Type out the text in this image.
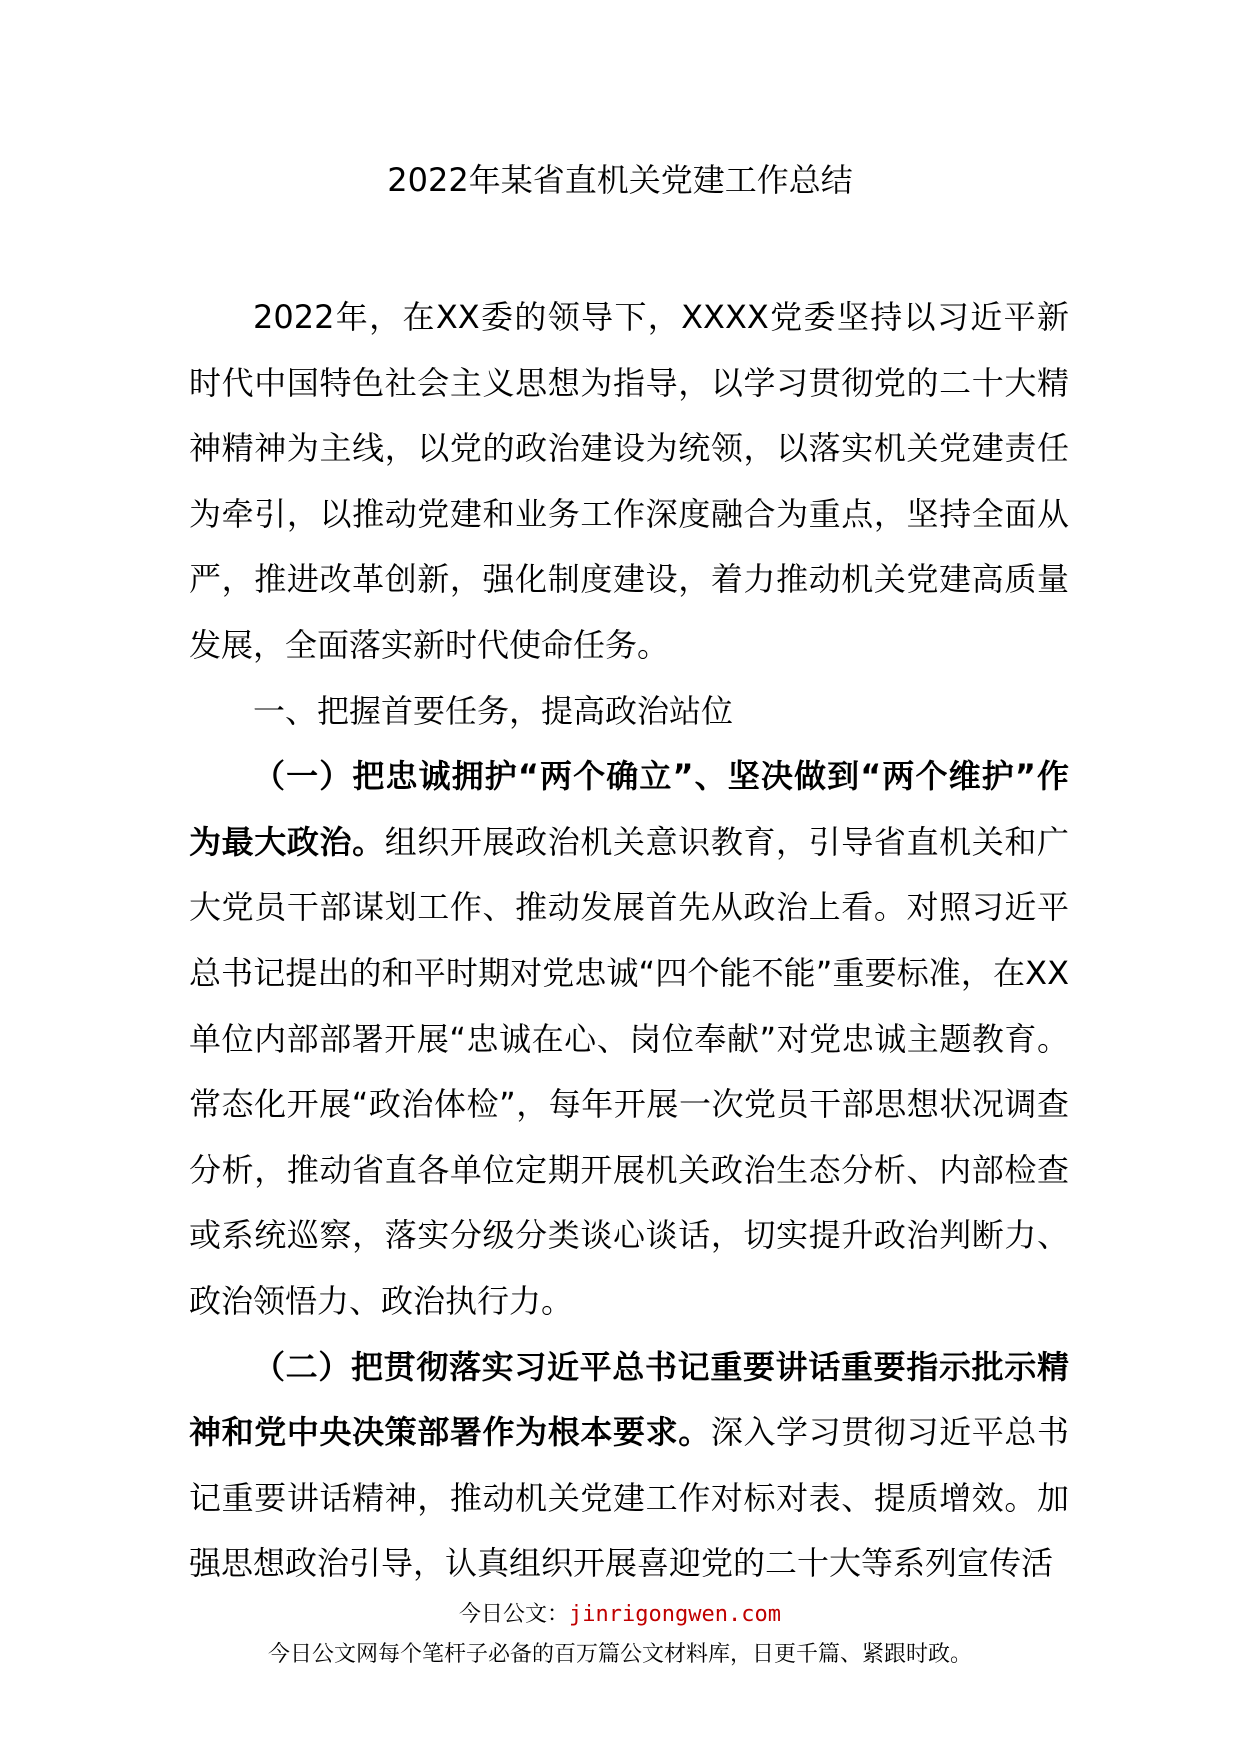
2022年某省直机关党建工作总结

2022年，在XX委的领导下，XXXX党委坚持以习近平新时代中国特色社会主义思想为指导，以学习贯彻党的二十大精神精神为主线，以党的政治建设为统领，以落实机关党建责任为牵引，以推动党建和业务工作深度融合为重点，坚持全面从严，推进改革创新，强化制度建设，着力推动机关党建高质量发展，全面落实新时代使命任务。

一、把握首要任务，提高政治站位

（一）把忠诚拥护“两个确立”、坚决做到“两个维护”作为最大政治。组织开展政治机关意识教育，引导省直机关和广大党员干部谋划工作、推动发展首先从政治上看。对照习近平总书记提出的和平时期对党忠诚“四个能不能”重要标准，在XX单位内部部署开展“忠诚在心、岗位奉献”对党忠诚主题教育。常态化开展“政治体检”，每年开展一次党员干部思想状况调查分析，推动省直各单位定期开展机关政治生态分析、内部检查或系统巡察，落实分级分类谈心谈话，切实提升政治判断力、政治领悟力、政治执行力。

（二）把贯彻落实习近平总书记重要讲话重要指示批示精神和党中央决策部署作为根本要求。深入学习贯彻习近平总书记重要讲话精神，推动机关党建工作对标对表、提质增效。加强思想政治引导，认真组织开展喜迎党的二十大等系列宣传活

今日公文：jinrigongwen.com
今日公文网每个笔杆子必备的百万篇公文材料库，日更千篇、紧跟时政。
